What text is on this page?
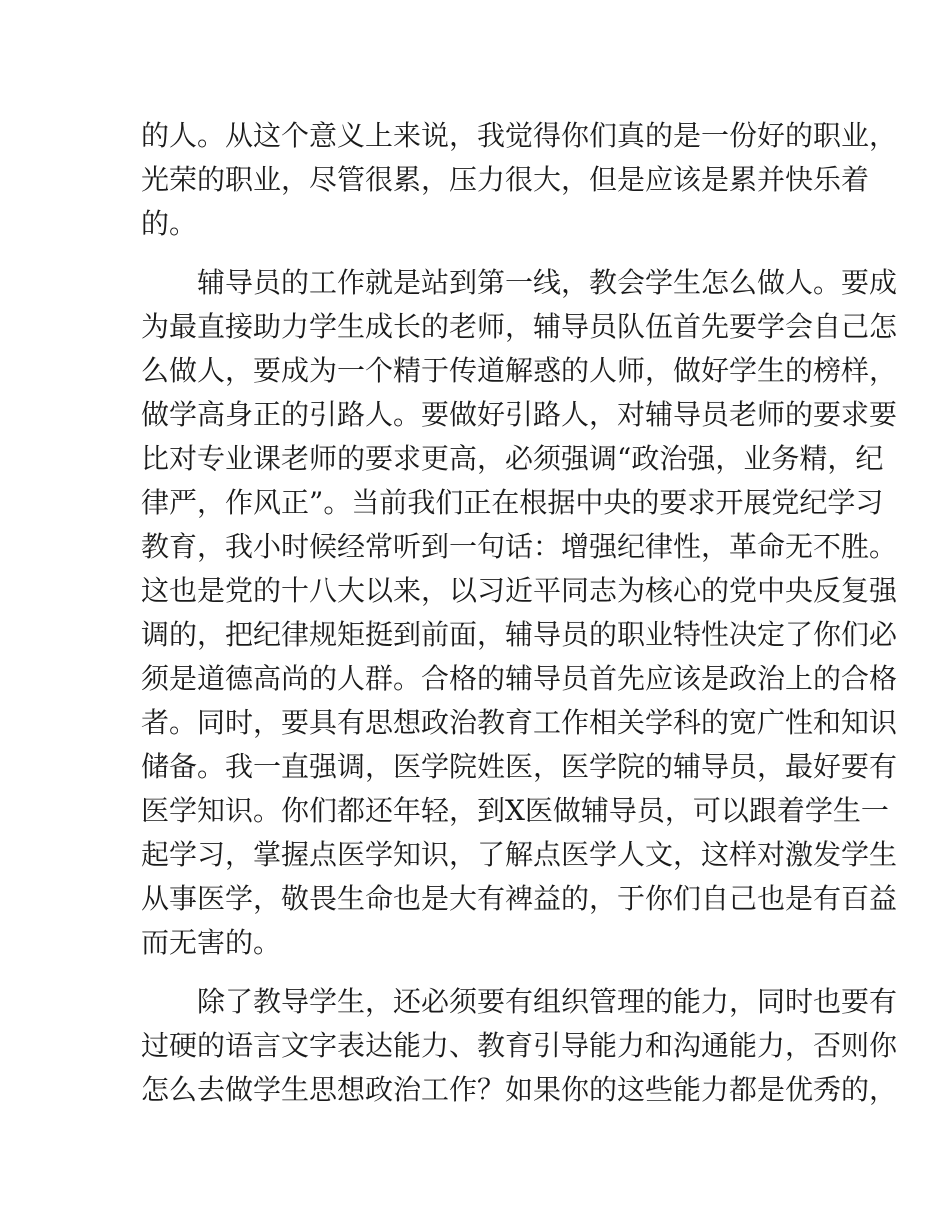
的人。从这个意义上来说，我觉得你们真的是一份好的职业，
光荣的职业，尽管很累，压力很大，但是应该是累并快乐着
的。
辅导员的工作就是站到第一线，教会学生怎么做人。要成
为最直接助力学生成长的老师，辅导员队伍首先要学会自己怎
么做人，要成为一个精于传道解惑的人师，做好学生的榜样，
做学高身正的引路人。要做好引路人，对辅导员老师的要求要
比对专业课老师的要求更高，必须强调“政治强，业务精，纪
律严，作风正”。当前我们正在根据中央的要求开展党纪学习
教育，我小时候经常听到一句话：增强纪律性，革命无不胜。
这也是党的十八大以来，以习近平同志为核心的党中央反复强
调的，把纪律规矩挺到前面，辅导员的职业特性决定了你们必
须是道德高尚的人群。合格的辅导员首先应该是政治上的合格
者。同时，要具有思想政治教育工作相关学科的宽广性和知识
储备。我一直强调，医学院姓医，医学院的辅导员，最好要有
医学知识。你们都还年轻，到X医做辅导员，可以跟着学生一
起学习，掌握点医学知识，了解点医学人文，这样对激发学生
从事医学，敬畏生命也是大有裨益的，于你们自己也是有百益
而无害的。
除了教导学生，还必须要有组织管理的能力，同时也要有
过硬的语言文字表达能力、教育引导能力和沟通能力，否则你
怎么去做学生思想政治工作？如果你的这些能力都是优秀的，
